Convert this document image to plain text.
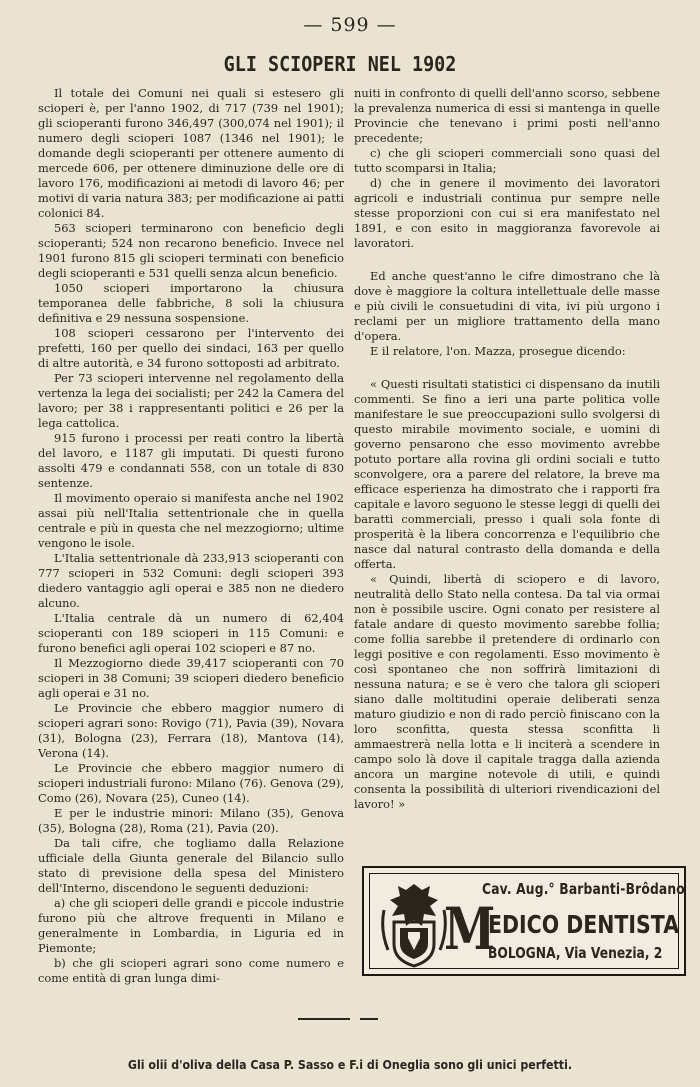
— 599 —
GLI SCIOPERI NEL 1902

Il totale dei Comuni nei quali si estesero gli scioperi è, per l'anno 1902, di 717 (739 nel 1901); gli scioperanti furono 346,497 (300,074 nel 1901); il numero degli scioperi 1087 (1346 nel 1901); le domande degli scioperanti per ottenere aumento di mercede 606, per ottenere diminuzione delle ore di lavoro 176, modificazioni ai metodi di lavoro 46; per motivi di varia natura 383; per modificazione ai patti colonici 84.

563 scioperi terminarono con beneficio degli scioperanti; 524 non recarono beneficio. Invece nel 1901 furono 815 gli scioperi terminati con beneficio degli scioperanti e 531 quelli senza alcun beneficio.

1050 scioperi importarono la chiusura temporanea delle fabbriche, 8 soli la chiusura definitiva e 29 nessuna sospensione.

108 scioperi cessarono per l'intervento dei prefetti, 160 per quello dei sindaci, 163 per quello di altre autorità, e 34 furono sottoposti ad arbitrato.

Per 73 scioperi intervenne nel regolamento della vertenza la lega dei socialisti; per 242 la Camera del lavoro; per 38 i rappresentanti politici e 26 per la lega cattolica.

915 furono i processi per reati contro la libertà del lavoro, e 1187 gli imputati. Di questi furono assolti 479 e condannati 558, con un totale di 830 sentenze.

Il movimento operaio si manifesta anche nel 1902 assai più nell'Italia settentrionale che in quella centrale e più in questa che nel mezzogiorno; ultime vengono le isole.

L'Italia settentrionale dà 233,913 scioperanti con 777 scioperi in 532 Comuni: degli scioperi 393 diedero vantaggio agli operai e 385 non ne diedero alcuno.

L'Italia centrale dà un numero di 62,404 scioperanti con 189 scioperi in 115 Comuni: e furono benefici agli operai 102 scioperi e 87 no.

Il Mezzogiorno diede 39,417 scioperanti con 70 scioperi in 38 Comuni; 39 scioperi diedero beneficio agli operai e 31 no.

Le Provincie che ebbero maggior numero di scioperi agrari sono: Rovigo (71), Pavia (39), Novara (31), Bologna (23), Ferrara (18), Mantova (14), Verona (14).

Le Provincie che ebbero maggior numero di scioperi industriali furono: Milano (76). Genova (29), Como (26), Novara (25), Cuneo (14).

E per le industrie minori: Milano (35), Genova (35), Bologna (28), Roma (21), Pavia (20).

Da tali cifre, che togliamo dalla Relazione ufficiale della Giunta generale del Bilancio sullo stato di previsione della spesa del Ministero dell'Interno, discendono le seguenti deduzioni:

a) che gli scioperi delle grandi e piccole industrie furono più che altrove frequenti in Milano e generalmente in Lombardia, in Liguria ed in Piemonte;

b) che gli scioperi agrari sono come numero e come entità di gran lunga dimi-

nuiti in confronto di quelli dell'anno scorso, sebbene la prevalenza numerica di essi si mantenga in quelle Provincie che tenevano i primi posti nell'anno precedente;

c) che gli scioperi commerciali sono quasi del tutto scomparsi in Italia;

d) che in genere il movimento dei lavoratori agricoli e industriali continua pur sempre nelle stesse proporzioni con cui si era manifestato nel 1891, e con esito in maggioranza favorevole ai lavoratori.

Ed anche quest'anno le cifre dimostrano che là dove è maggiore la coltura intellettuale delle masse e più civili le consuetudini di vita, ivi più urgono i reclami per un migliore trattamento della mano d'opera.

E il relatore, l'on. Mazza, prosegue dicendo:

« Questi risultati statistici ci dispensano da inutili commenti. Se fino a ieri una parte politica volle manifestare le sue preoccupazioni sullo svolgersi di questo mirabile movimento sociale, e uomini di governo pensarono che esso movimento avrebbe potuto portare alla rovina gli ordini sociali e tutto sconvolgere, ora a parere del relatore, la breve ma efficace esperienza ha dimostrato che i rapporti fra capitale e lavoro seguono le stesse leggi di quelli dei baratti commerciali, presso i quali sola fonte di prosperità è la libera concorrenza e l'equilibrio che nasce dal natural contrasto della domanda e della offerta.

« Quindi, libertà di sciopero e di lavoro, neutralità dello Stato nella contesa. Da tal via ormai non è possibile uscire. Ogni conato per resistere al fatale andare di questo movimento sarebbe follia; come follia sarebbe il pretendere di ordinarlo con leggi positive e con regolamenti. Esso movimento è così spontaneo che non soffrirà limitazioni di nessuna natura; e se è vero che talora gli scioperi siano dalle moltitudini operaie deliberati senza maturo giudizio e non di rado perciò finiscano con la loro sconfitta, questa stessa sconfitta li ammaestrerà nella lotta e li inciterà a scendere in campo solo là dove il capitale tragga dalla azienda ancora un margine notevole di utili, e quindi consenta la possibilità di ulteriori rivendicazioni del lavoro! »

Cav. Aug.° Barbanti-Brôdano
M
EDICO DENTISTA
BOLOGNA, Via Venezia, 2
Gli olii d'oliva della Casa P. Sasso e F.i di Oneglia sono gli unici perfetti.
